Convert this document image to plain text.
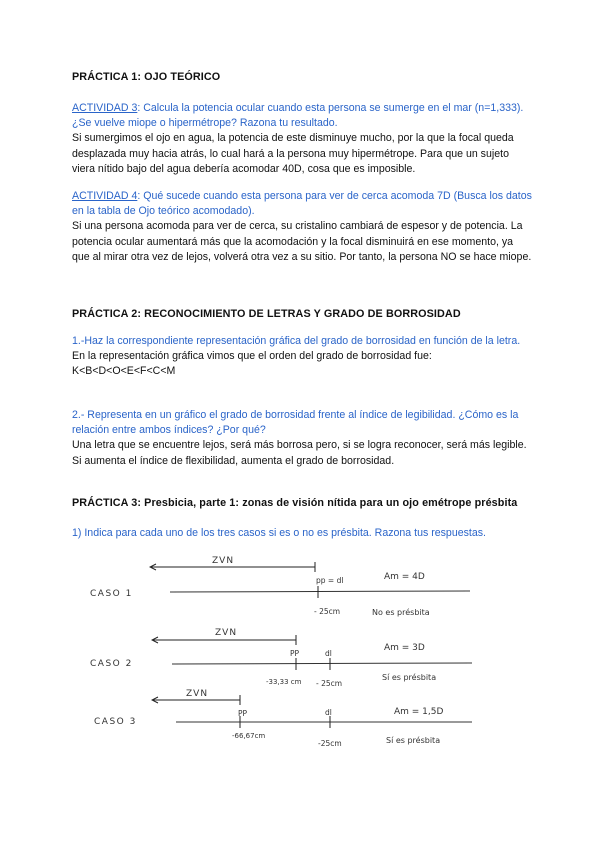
PRÁCTICA 1: OJO TEÓRICO

ACTIVIDAD 3: Calcula la potencia ocular cuando esta persona se sumerge en el mar (n=1,333). ¿Se vuelve miope o hipermétrope? Razona tu resultado.

Si sumergimos el ojo en agua, la potencia de este disminuye mucho, por la que la focal queda desplazada muy hacia atrás, lo cual hará a la persona muy hipermétrope. Para que un sujeto viera nítido bajo del agua debería acomodar 40D, cosa que es imposible.

ACTIVIDAD 4: Qué sucede cuando esta persona para ver de cerca acomoda 7D (Busca los datos en la tabla de Ojo teórico acomodado).

Si una persona acomoda para ver de cerca, su cristalino cambiará de espesor y de potencia. La potencia ocular aumentará más que la acomodación y la focal disminuirá en ese momento, ya que al mirar otra vez de lejos, volverá otra vez a su sitio. Por tanto, la persona NO se hace miope.

PRÁCTICA 2: RECONOCIMIENTO DE LETRAS Y GRADO DE BORROSIDAD

1.-Haz la correspondiente representación gráfica del grado de borrosidad en función de la letra.

En la representación gráfica vimos que el orden del grado de borrosidad fue:

K<B<D<O<E<F<C<M

2.- Representa en un gráfico el grado de borrosidad frente al índice de legibilidad. ¿Cómo es la relación entre ambos índices? ¿Por qué?

Una letra que se encuentre lejos, será más borrosa pero, si se logra reconocer, será más legible. Si aumenta el índice de flexibilidad, aumenta el grado de borrosidad.

PRÁCTICA 3: Presbicia, parte 1: zonas de visión nítida para un ojo emétrope présbita
1) Indica para cada uno de los tres casos si es o no es présbita. Razona tus respuestas.
CASO 1
ZVN
pp = dl	Am = 4D
- 25cm	No es présbita
CASO 2
ZVN
PP	dl
Am = 3D
-33,33 cm - 25cm
Sí es présbita
CASO 3
ZVN
PP	dl	Am = 1,5D
-66,67cm
-25cm	Sí es présbita
